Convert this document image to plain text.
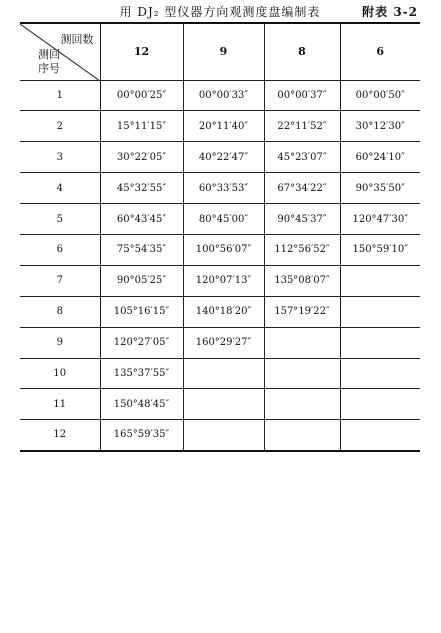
用 DJ₂ 型仪器方向观测度盘编制表	附表 3-2
测回数
测回
序号	12	9	8	6
1	00°00′25″	00°00′33″	00°00′37″	00°00′50″
2	15°11′15″	20°11′40″	22°11′52″	30°12′30″
3	30°22′05″	40°22′47″	45°23′07″	60°24′10″
4	45°32′55″	60°33′53″	67°34′22″	90°35′50″
5	60°43′45″	80°45′00″	90°45′37″	120°47′30″
6	75°54′35″	100°56′07″	112°56′52″	150°59′10″
7	90°05′25″	120°07′13″	135°08′07″	
8	105°16′15″	140°18′20″	157°19′22″	
9	120°27′05″	160°29′27″		
10	135°37′55″			
11	150°48′45″			
12	165°59′35″			
